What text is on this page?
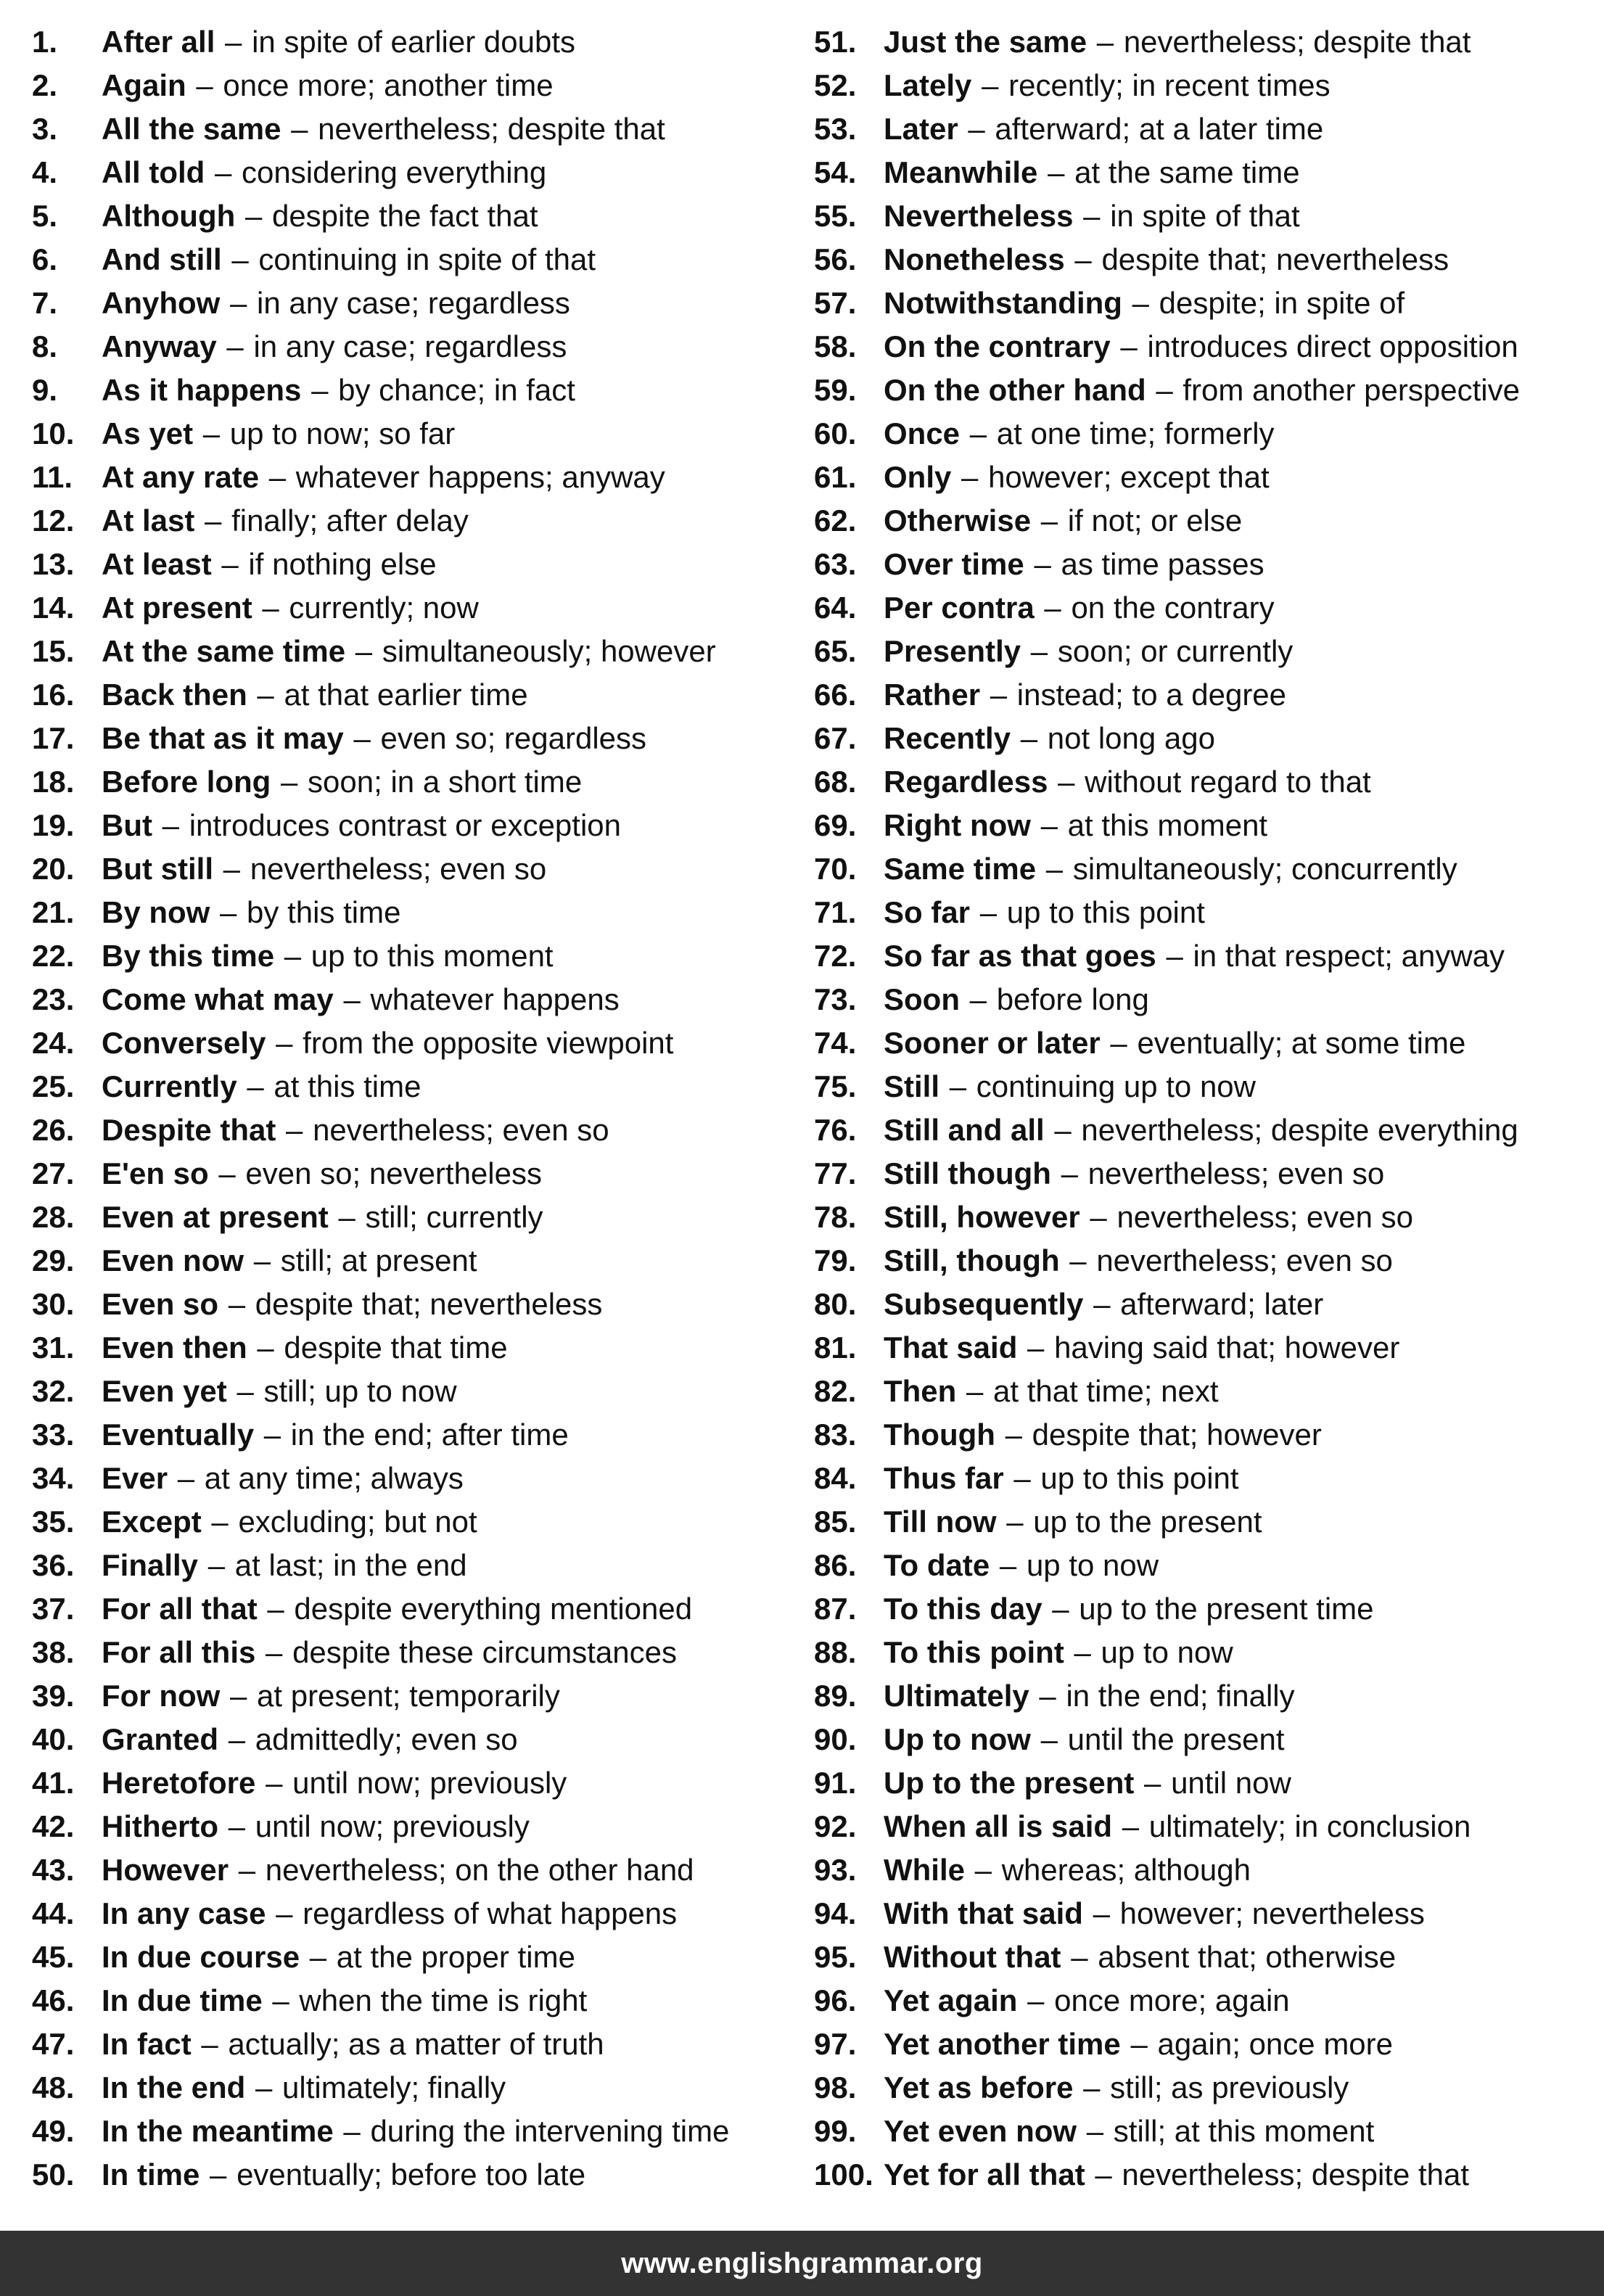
1. After all – in spite of earlier doubts
2. Again – once more; another time
3. All the same – nevertheless; despite that
4. All told – considering everything
5. Although – despite the fact that
6. And still – continuing in spite of that
7. Anyhow – in any case; regardless
8. Anyway – in any case; regardless
9. As it happens – by chance; in fact
10. As yet – up to now; so far
11. At any rate – whatever happens; anyway
12. At last – finally; after delay
13. At least – if nothing else
14. At present – currently; now
15. At the same time – simultaneously; however
16. Back then – at that earlier time
17. Be that as it may – even so; regardless
18. Before long – soon; in a short time
19. But – introduces contrast or exception
20. But still – nevertheless; even so
21. By now – by this time
22. By this time – up to this moment
23. Come what may – whatever happens
24. Conversely – from the opposite viewpoint
25. Currently – at this time
26. Despite that – nevertheless; even so
27. E'en so – even so; nevertheless
28. Even at present – still; currently
29. Even now – still; at present
30. Even so – despite that; nevertheless
31. Even then – despite that time
32. Even yet – still; up to now
33. Eventually – in the end; after time
34. Ever – at any time; always
35. Except – excluding; but not
36. Finally – at last; in the end
37. For all that – despite everything mentioned
38. For all this – despite these circumstances
39. For now – at present; temporarily
40. Granted – admittedly; even so
41. Heretofore – until now; previously
42. Hitherto – until now; previously
43. However – nevertheless; on the other hand
44. In any case – regardless of what happens
45. In due course – at the proper time
46. In due time – when the time is right
47. In fact – actually; as a matter of truth
48. In the end – ultimately; finally
49. In the meantime – during the intervening time
50. In time – eventually; before too late
51. Just the same – nevertheless; despite that
52. Lately – recently; in recent times
53. Later – afterward; at a later time
54. Meanwhile – at the same time
55. Nevertheless – in spite of that
56. Nonetheless – despite that; nevertheless
57. Notwithstanding – despite; in spite of
58. On the contrary – introduces direct opposition
59. On the other hand – from another perspective
60. Once – at one time; formerly
61. Only – however; except that
62. Otherwise – if not; or else
63. Over time – as time passes
64. Per contra – on the contrary
65. Presently – soon; or currently
66. Rather – instead; to a degree
67. Recently – not long ago
68. Regardless – without regard to that
69. Right now – at this moment
70. Same time – simultaneously; concurrently
71. So far – up to this point
72. So far as that goes – in that respect; anyway
73. Soon – before long
74. Sooner or later – eventually; at some time
75. Still – continuing up to now
76. Still and all – nevertheless; despite everything
77. Still though – nevertheless; even so
78. Still, however – nevertheless; even so
79. Still, though – nevertheless; even so
80. Subsequently – afterward; later
81. That said – having said that; however
82. Then – at that time; next
83. Though – despite that; however
84. Thus far – up to this point
85. Till now – up to the present
86. To date – up to now
87. To this day – up to the present time
88. To this point – up to now
89. Ultimately – in the end; finally
90. Up to now – until the present
91. Up to the present – until now
92. When all is said – ultimately; in conclusion
93. While – whereas; although
94. With that said – however; nevertheless
95. Without that – absent that; otherwise
96. Yet again – once more; again
97. Yet another time – again; once more
98. Yet as before – still; as previously
99. Yet even now – still; at this moment
100. Yet for all that – nevertheless; despite that
www.englishgrammar.org
